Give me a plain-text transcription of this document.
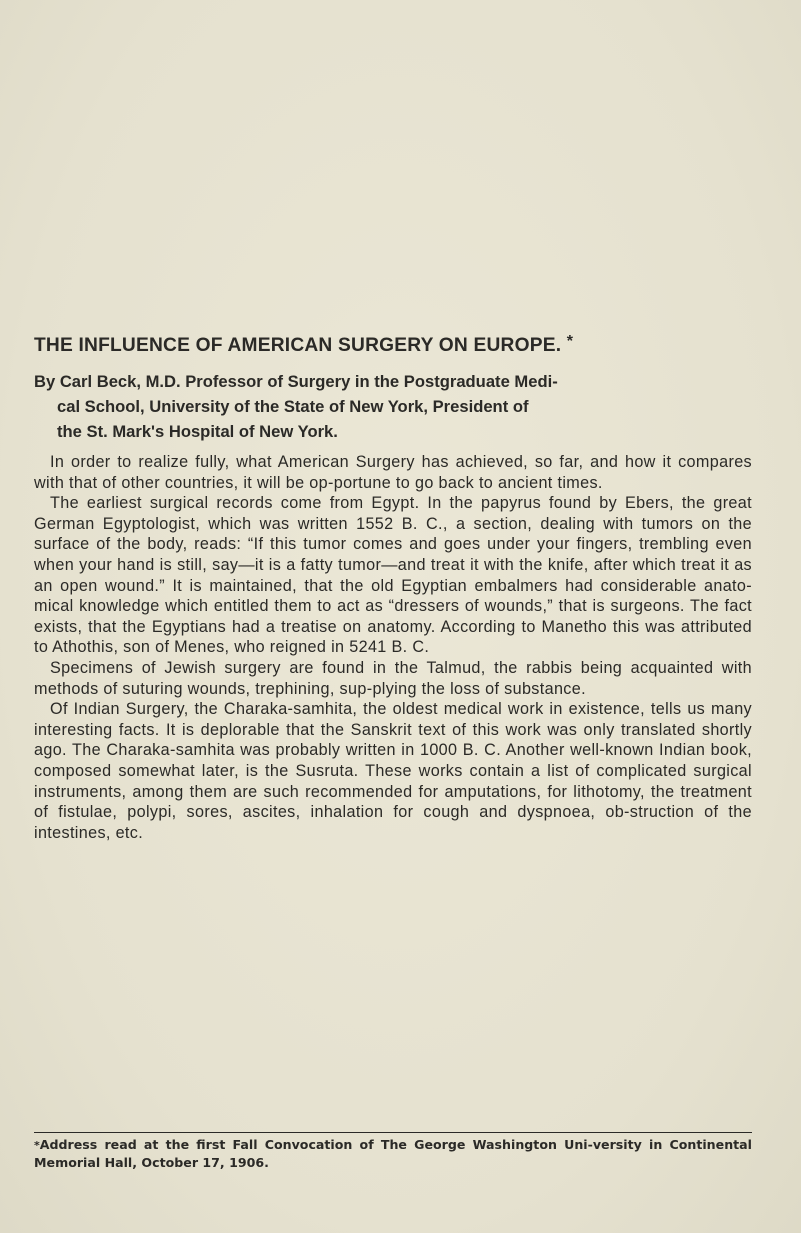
THE INFLUENCE OF AMERICAN SURGERY ON EUROPE. *
By Carl Beck, M.D. Professor of Surgery in the Postgraduate Medi-
cal School, University of the State of New York, President of
the St. Mark's Hospital of New York.

In order to realize fully, what American Surgery has achieved, so far, and how it compares with that of other countries, it will be op-portune to go back to ancient times.

The earliest surgical records come from Egypt. In the papyrus found by Ebers, the great German Egyptologist, which was written 1552 B. C., a section, dealing with tumors on the surface of the body, reads: “If this tumor comes and goes under your fingers, trembling even when your hand is still, say—it is a fatty tumor—and treat it with the knife, after which treat it as an open wound.” It is maintained, that the old Egyptian embalmers had considerable anato-mical knowledge which entitled them to act as “dressers of wounds,” that is surgeons. The fact exists, that the Egyptians had a treatise on anatomy. According to Manetho this was attributed to Athothis, son of Menes, who reigned in 5241 B. C.

Specimens of Jewish surgery are found in the Talmud, the rabbis being acquainted with methods of suturing wounds, trephining, sup-plying the loss of substance.

Of Indian Surgery, the Charaka-samhita, the oldest medical work in existence, tells us many interesting facts. It is deplorable that the Sanskrit text of this work was only translated shortly ago. The Charaka-samhita was probably written in 1000 B. C. Another well-known Indian book, composed somewhat later, is the Susruta. These works contain a list of complicated surgical instruments, among them are such recommended for amputations, for lithotomy, the treatment of fistulae, polypi, sores, ascites, inhalation for cough and dyspnoea, ob-struction of the intestines, etc.

*Address read at the first Fall Convocation of The George Washington Uni-versity in Continental Memorial Hall, October 17, 1906.
